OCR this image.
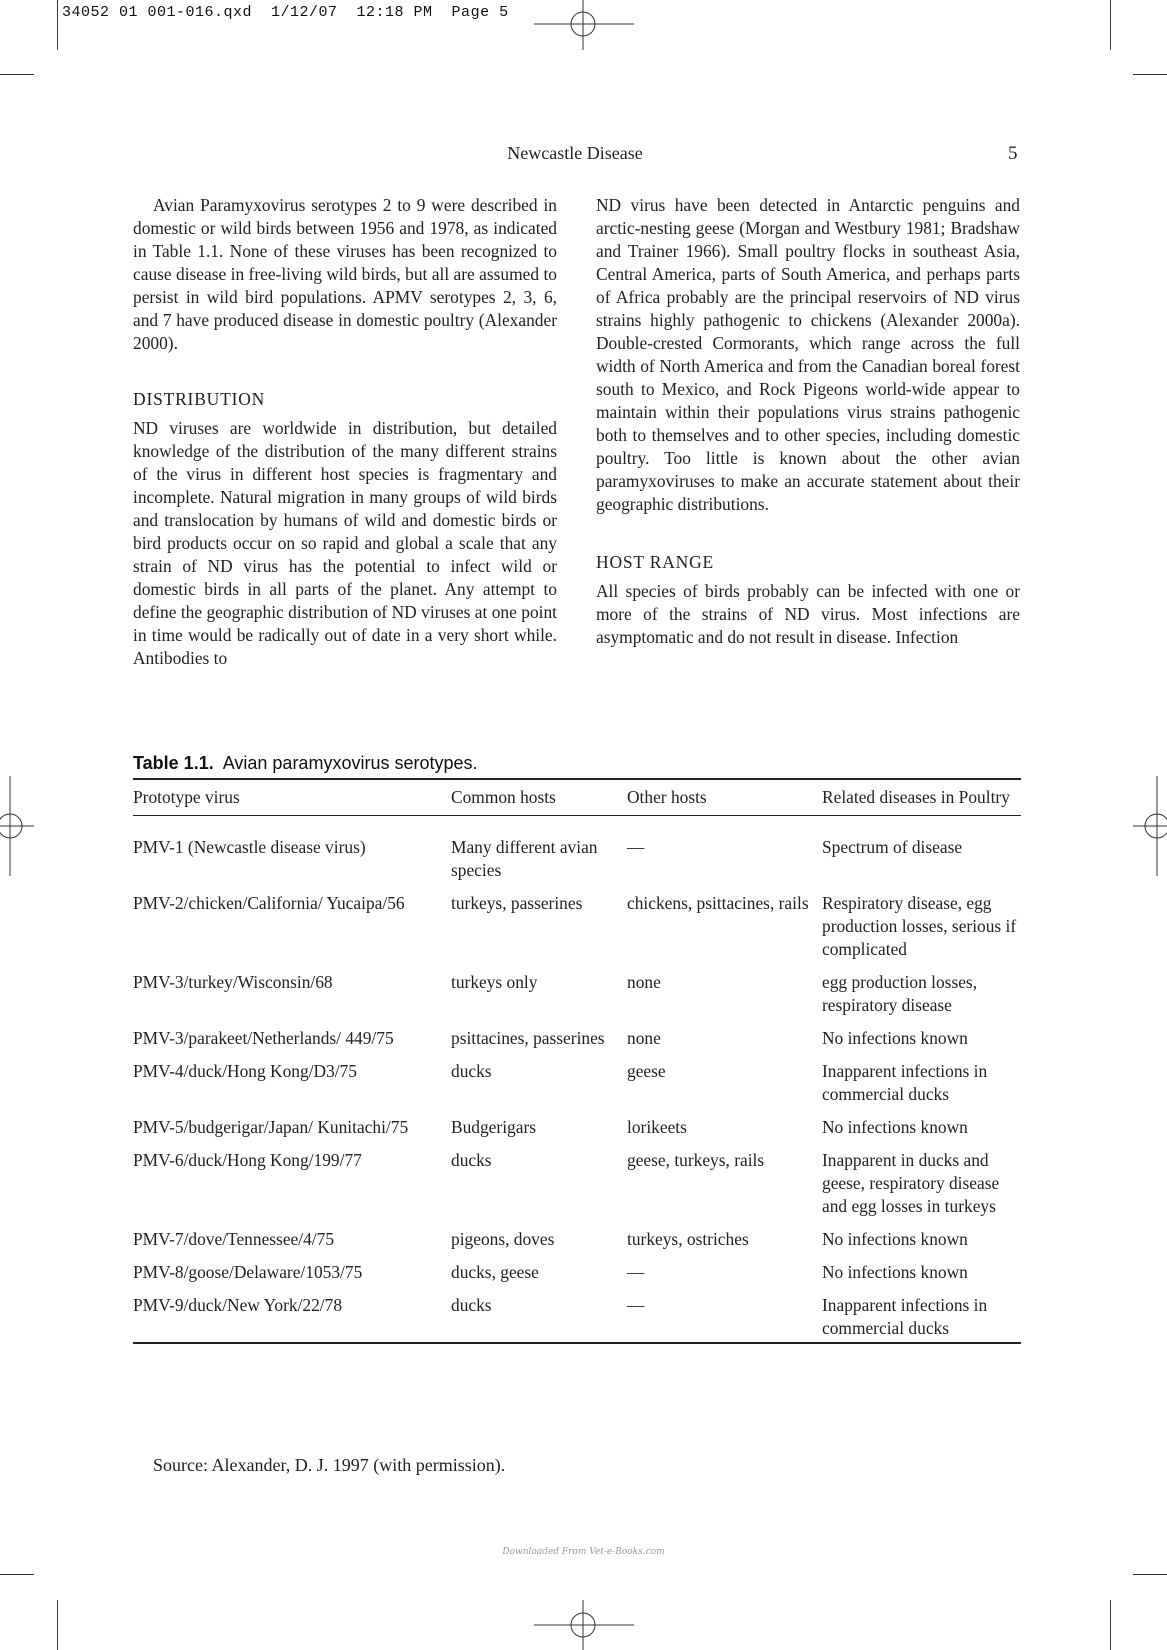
34052 01 001-016.qxd  1/12/07  12:18 PM  Page 5
Newcastle Disease	5

Avian Paramyxovirus serotypes 2 to 9 were described in domestic or wild birds between 1956 and 1978, as indicated in Table 1.1. None of these viruses has been recognized to cause disease in free-living wild birds, but all are assumed to persist in wild bird populations. APMV serotypes 2, 3, 6, and 7 have produced disease in domestic poultry (Alexander 2000).

DISTRIBUTION

ND viruses are worldwide in distribution, but detailed knowledge of the distribution of the many different strains of the virus in different host species is fragmentary and incomplete. Natural migration in many groups of wild birds and translocation by humans of wild and domestic birds or bird products occur on so rapid and global a scale that any strain of ND virus has the potential to infect wild or domestic birds in all parts of the planet. Any attempt to define the geographic distribution of ND viruses at one point in time would be radically out of date in a very short while. Antibodies to

ND virus have been detected in Antarctic penguins and arctic-nesting geese (Morgan and Westbury 1981; Bradshaw and Trainer 1966). Small poultry flocks in southeast Asia, Central America, parts of South America, and perhaps parts of Africa probably are the principal reservoirs of ND virus strains highly pathogenic to chickens (Alexander 2000a). Double-crested Cormorants, which range across the full width of North America and from the Canadian boreal forest south to Mexico, and Rock Pigeons world-wide appear to maintain within their populations virus strains pathogenic both to themselves and to other species, including domestic poultry. Too little is known about the other avian paramyxoviruses to make an accurate statement about their geographic distributions.

HOST RANGE

All species of birds probably can be infected with one or more of the strains of ND virus. Most infections are asymptomatic and do not result in disease. Infection

Table 1.1. Avian paramyxovirus serotypes.
Prototype virus	Common hosts	Other hosts	Related diseases in Poultry
PMV-1 (Newcastle disease virus)	Many different avian species	—	Spectrum of disease
PMV-2/chicken/California/ Yucaipa/56	turkeys, passerines	chickens, psittacines, rails	Respiratory disease, egg production losses, serious if complicated
PMV-3/turkey/Wisconsin/68	turkeys only	none	egg production losses, respiratory disease
PMV-3/parakeet/Netherlands/ 449/75	psittacines, passerines	none	No infections known
PMV-4/duck/Hong Kong/D3/75	ducks	geese	Inapparent infections in commercial ducks
PMV-5/budgerigar/Japan/ Kunitachi/75	Budgerigars	lorikeets	No infections known
PMV-6/duck/Hong Kong/199/77	ducks	geese, turkeys, rails	Inapparent in ducks and geese, respiratory disease and egg losses in turkeys
PMV-7/dove/Tennessee/4/75	pigeons, doves	turkeys, ostriches	No infections known
PMV-8/goose/Delaware/1053/75	ducks, geese	—	No infections known
PMV-9/duck/New York/22/78	ducks	—	Inapparent infections in commercial ducks
Source: Alexander, D. J. 1997 (with permission).
Downloaded From Vet-e-Books.com
